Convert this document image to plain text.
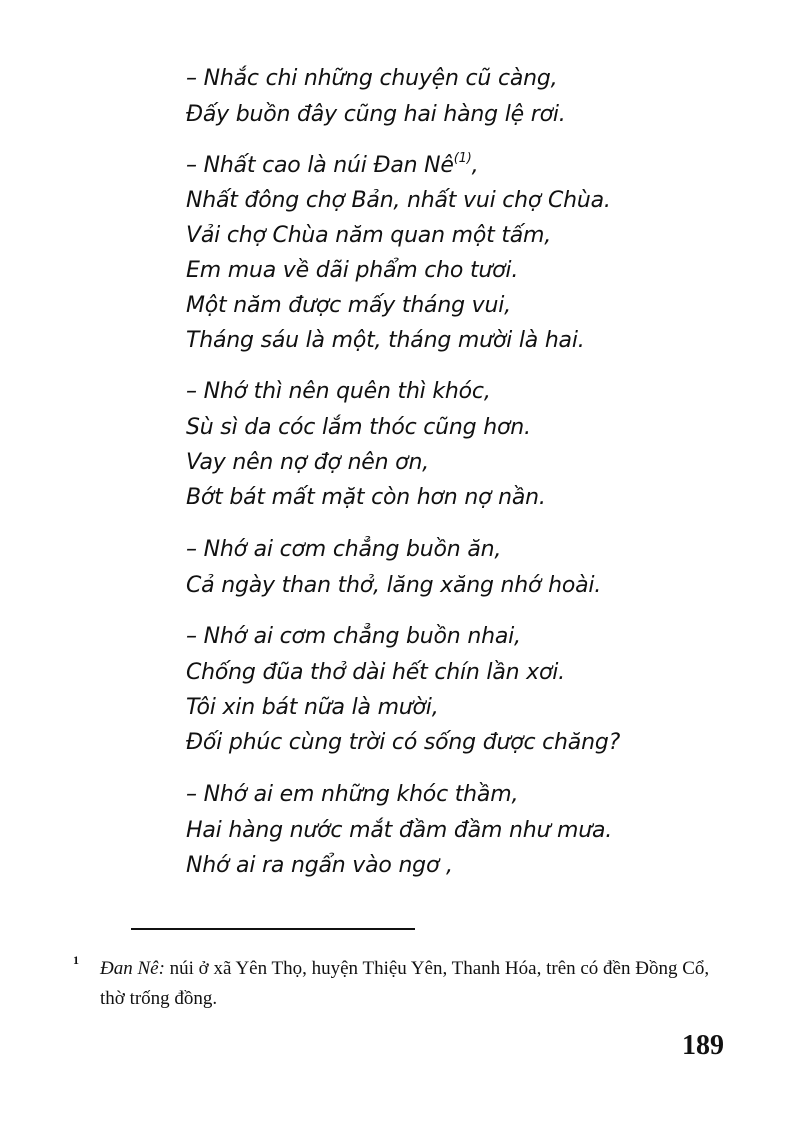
– Nhắc chi những chuyện cũ càng,
Đấy buồn đây cũng hai hàng lệ rơi.
– Nhất cao là núi Đan $Nê^{(1)}$,
Nhất đông chợ Bản, nhất vui chợ Chùa.
Vải chợ Chùa năm quan một tấm,
Em mua về dãi phẩm cho tươi.
Một năm được mấy tháng vui,
Tháng sáu là một, tháng mười là hai.
– Nhớ thì nên quên thì khóc,
Sù sì da cóc lắm thóc cũng hơn.
Vay nên nợ đợ nên ơn,
Bớt bát mất mặt còn hơn nợ nần.
– Nhớ ai cơm chẳng buồn ăn,
Cả ngày than thở, lăng xăng nhớ hoài.
– Nhớ ai cơm chẳng buồn nhai,
Chống đũa thở dài hết chín lần xơi.
Tôi xin bát nữa là mười,
Đối phúc cùng trời có sống được chăng?
– Nhớ ai em những khóc thầm,
Hai hàng nước mắt đầm đầm như mưa.
Nhớ ai ra ngẩn vào ngơ ,
1 Đan Nê: núi ở xã Yên Thọ, huyện Thiệu Yên, Thanh Hóa, trên có đền Đồng Cổ, thờ trống đồng.
189
